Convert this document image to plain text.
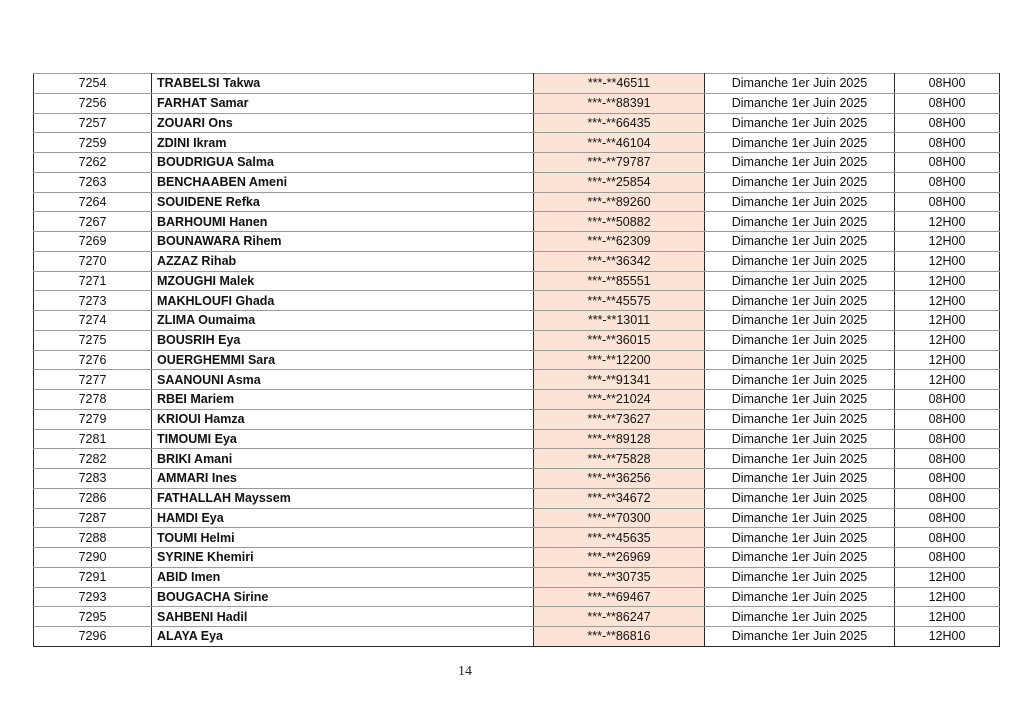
7254	TRABELSI Takwa	***-**46511	Dimanche 1er Juin 2025	08H00
7256	FARHAT Samar	***-**88391	Dimanche 1er Juin 2025	08H00
7257	ZOUARI Ons	***-**66435	Dimanche 1er Juin 2025	08H00
7259	ZDINI Ikram	***-**46104	Dimanche 1er Juin 2025	08H00
7262	BOUDRIGUA Salma	***-**79787	Dimanche 1er Juin 2025	08H00
7263	BENCHAABEN Ameni	***-**25854	Dimanche 1er Juin 2025	08H00
7264	SOUIDENE Refka	***-**89260	Dimanche 1er Juin 2025	08H00
7267	BARHOUMI Hanen	***-**50882	Dimanche 1er Juin 2025	12H00
7269	BOUNAWARA Rihem	***-**62309	Dimanche 1er Juin 2025	12H00
7270	AZZAZ Rihab	***-**36342	Dimanche 1er Juin 2025	12H00
7271	MZOUGHI Malek	***-**85551	Dimanche 1er Juin 2025	12H00
7273	MAKHLOUFI Ghada	***-**45575	Dimanche 1er Juin 2025	12H00
7274	ZLIMA Oumaima	***-**13011	Dimanche 1er Juin 2025	12H00
7275	BOUSRIH Eya	***-**36015	Dimanche 1er Juin 2025	12H00
7276	OUERGHEMMI Sara	***-**12200	Dimanche 1er Juin 2025	12H00
7277	SAANOUNI Asma	***-**91341	Dimanche 1er Juin 2025	12H00
7278	RBEI Mariem	***-**21024	Dimanche 1er Juin 2025	08H00
7279	KRIOUI Hamza	***-**73627	Dimanche 1er Juin 2025	08H00
7281	TIMOUMI Eya	***-**89128	Dimanche 1er Juin 2025	08H00
7282	BRIKI Amani	***-**75828	Dimanche 1er Juin 2025	08H00
7283	AMMARI Ines	***-**36256	Dimanche 1er Juin 2025	08H00
7286	FATHALLAH Mayssem	***-**34672	Dimanche 1er Juin 2025	08H00
7287	HAMDI Eya	***-**70300	Dimanche 1er Juin 2025	08H00
7288	TOUMI Helmi	***-**45635	Dimanche 1er Juin 2025	08H00
7290	SYRINE Khemiri	***-**26969	Dimanche 1er Juin 2025	08H00
7291	ABID Imen	***-**30735	Dimanche 1er Juin 2025	12H00
7293	BOUGACHA Sirine	***-**69467	Dimanche 1er Juin 2025	12H00
7295	SAHBENI Hadil	***-**86247	Dimanche 1er Juin 2025	12H00
7296	ALAYA Eya	***-**86816	Dimanche 1er Juin 2025	12H00
14
